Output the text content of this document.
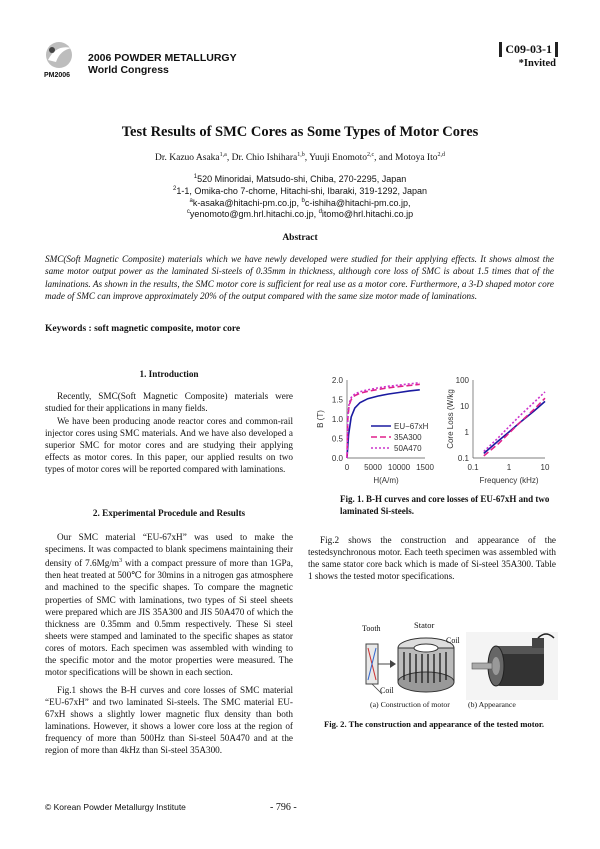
PM2006
2006 POWDER METALLURGY
World Congress
C09-03-1
*Invited
Test Results of SMC Cores as Some Types of Motor Cores
Dr. Kazuo Asaka$^{1,a}$, Dr. Chio Ishihara$^{1,b}$, Yuuji Enomoto$^{2,c}$, and Motoya Ito$^{2,d}$
$^1$520 Minoridai, Matsudo-shi, Chiba, 270-2295, Japan
$^2$1-1, Omika-cho 7-chome, Hitachi-shi, Ibaraki, 319-1292, Japan
$^a$k-asaka@hitachi-pm.co.jp, $^b$c-ishiha@hitachi-pm.co.jp,
$^c$yenomoto@gm.hrl.hitachi.co.jp, $^d$itomo@hrl.hitachi.co.jp
Abstract
SMC(Soft Magnetic Composite) materials which we have newly developed were studied for their applying effects. It shows almost the same motor output power as the laminated Si-steels of 0.35mm in thickness, although core loss of SMC is about 1.5 times that of the laminations. As shown in the results, the SMC motor core is sufficient for real use as a motor core. Furthermore, a 3-D shaped motor core made of SMC can improve approximately 20% of the output compared with the same size motor made of laminations.
Keywords : soft magnetic composite, motor core
1. Introduction
Recently, SMC(Soft Magnetic Composite) materials were studied for their applications in many fields.
We have been producing anode reactor cores and common-rail injector cores using SMC materials. And we have also developed a superior SMC for motor cores and are studying their applying effects as motor cores. In this paper, our applied results on two types of motor cores will be reported compared with laminations.
2. Experimental Procedule and Results
Our SMC material “EU-67xH” was used to make the specimens. It was compacted to blank specimens maintaining their density of $7.6Mg/m^3$ with a compact pressure of more than 1GPa, then heat treated at 500℃ for 30mins in a nitrogen gas atmosphere and machined to the specific shapes. To compare the magnetic properties of SMC with laminations, two types of Si steel sheets were prepared which are JIS 35A300 and JIS 50A470 of which the thickness are 0.35mm and 0.5mm respectively. These Si steel sheets were stamped and laminated to the specific shapes as stator cores of motors. Each specimen was assembled with winding to the specific motor and the motor properties were measured. The motor specifications will be shown in each section.
Fig.1 shows the B-H curves and core losses of SMC material “EU-67xH” and two laminated Si-steels. The SMC material EU-67xH shows a slightly lower magnetic flux density than both laminations. However, it shows a lower core loss at the region of frequency of more than 500Hz than Si-steel 50A470 and at the region of more than 4kHz than Si-steel 35A300.
0.0
0.5
1.0
1.5
2.0
0 5000 10000 1500
H(A/m)
B (T)	EU−67xH
35A300
50A470
0.1
1
10
100
0.1	1	10
Frequency (kHz)
Core Loss (W/kg
Fig. 1. B-H curves and core losses of EU-67xH and two laminated Si-steels.
Fig.2 shows the construction and appearance of the testedsynchronous motor. Each teeth specimen was assembled with the same stator core back which is made of Si-steel 35A300. Table 1 shows the tested motor specifications.
Tooth	Stator
Coil
Coil
(a) Construction of motor (b) Appearance
Fig. 2. The construction and appearance of the tested motor.
© Korean Powder Metallurgy Institute	- 796 -
